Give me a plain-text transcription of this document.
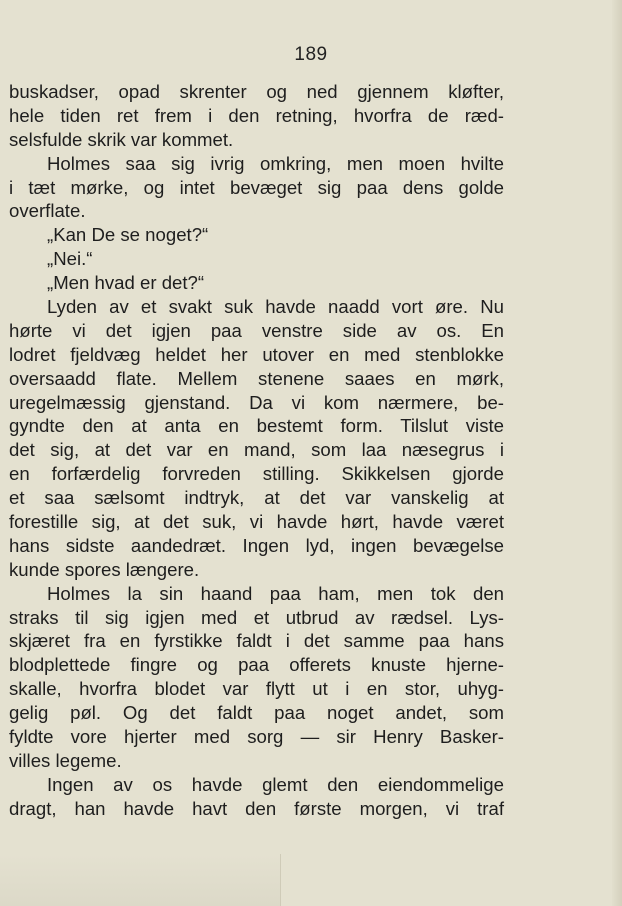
189
buskadser, opad skrenter og ned gjennem kløfter,
hele tiden ret frem i den retning, hvorfra de ræd-
selsfulde skrik var kommet.
Holmes saa sig ivrig omkring, men moen hvilte
i tæt mørke, og intet bevæget sig paa dens golde
overflate.
„Kan De se noget?“
„Nei.“
„Men hvad er det?“
Lyden av et svakt suk havde naadd vort øre. Nu
hørte vi det igjen paa venstre side av os. En
lodret fjeldvæg heldet her utover en med stenblokke
oversaadd flate. Mellem stenene saaes en mørk,
uregelmæssig gjenstand. Da vi kom nærmere, be-
gyndte den at anta en bestemt form. Tilslut viste
det sig, at det var en mand, som laa næsegrus i
en forfærdelig forvreden stilling. Skikkelsen gjorde
et saa sælsomt indtryk, at det var vanskelig at
forestille sig, at det suk, vi havde hørt, havde været
hans sidste aandedræt. Ingen lyd, ingen bevægelse
kunde spores længere.
Holmes la sin haand paa ham, men tok den
straks til sig igjen med et utbrud av rædsel. Lys-
skjæret fra en fyrstikke faldt i det samme paa hans
blodplettede fingre og paa offerets knuste hjerne-
skalle, hvorfra blodet var flytt ut i en stor, uhyg-
gelig pøl. Og det faldt paa noget andet, som
fyldte vore hjerter med sorg — sir Henry Basker-
villes legeme.
Ingen av os havde glemt den eiendommelige
dragt, han havde havt den første morgen, vi traf
